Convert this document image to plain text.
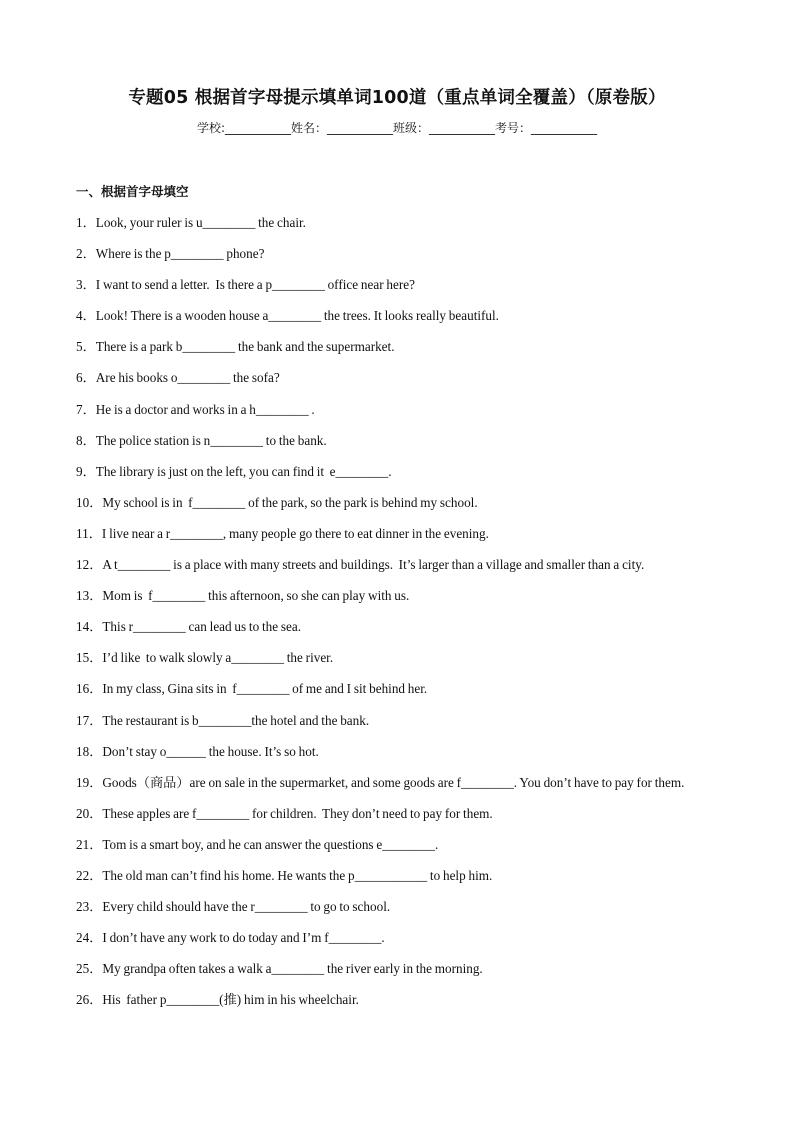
专题05 根据首字母提示填单词100道（重点单词全覆盖）（原卷版）
学校:___________姓名：___________班级：___________考号：___________
一、根据首字母填空
1．Look, your ruler is u________ the chair.
2．Where is the p________ phone?
3．I want to send a letter.  Is there a p________ office near here?
4．Look! There is a wooden house a________ the trees. It looks really beautiful.
5．There is a park b________ the bank and the supermarket.
6．Are his books o________ the sofa?
7．He is a doctor and works in a h________ .
8．The police station is n________ to the bank.
9．The library is just on the left, you can find it  e________.
10．My school is in  f________ of the park, so the park is behind my school.
11．I live near a r________, many people go there to eat dinner in the evening.
12．A t________ is a place with many streets and buildings.  It’s larger than a village and smaller than a city.
13．Mom is  f________ this afternoon, so she can play with us.
14．This r________ can lead us to the sea.
15．I’d like  to walk slowly a________ the river.
16．In my class, Gina sits in  f________ of me and I sit behind her.
17．The restaurant is b________the hotel and the bank.
18．Don’t stay o______ the house. It’s so hot.
19．Goods（商品）are on sale in the supermarket, and some goods are f________. You don’t have to pay for them.
20．These apples are f________ for children.  They don’t need to pay for them.
21．Tom is a smart boy, and he can answer the questions e________.
22．The old man can’t find his home. He wants the p___________ to help him.
23．Every child should have the r________ to go to school.
24．I don’t have any work to do today and I’m f________.
25．My grandpa often takes a walk a________ the river early in the morning.
26．His  father p________(推) him in his wheelchair.
